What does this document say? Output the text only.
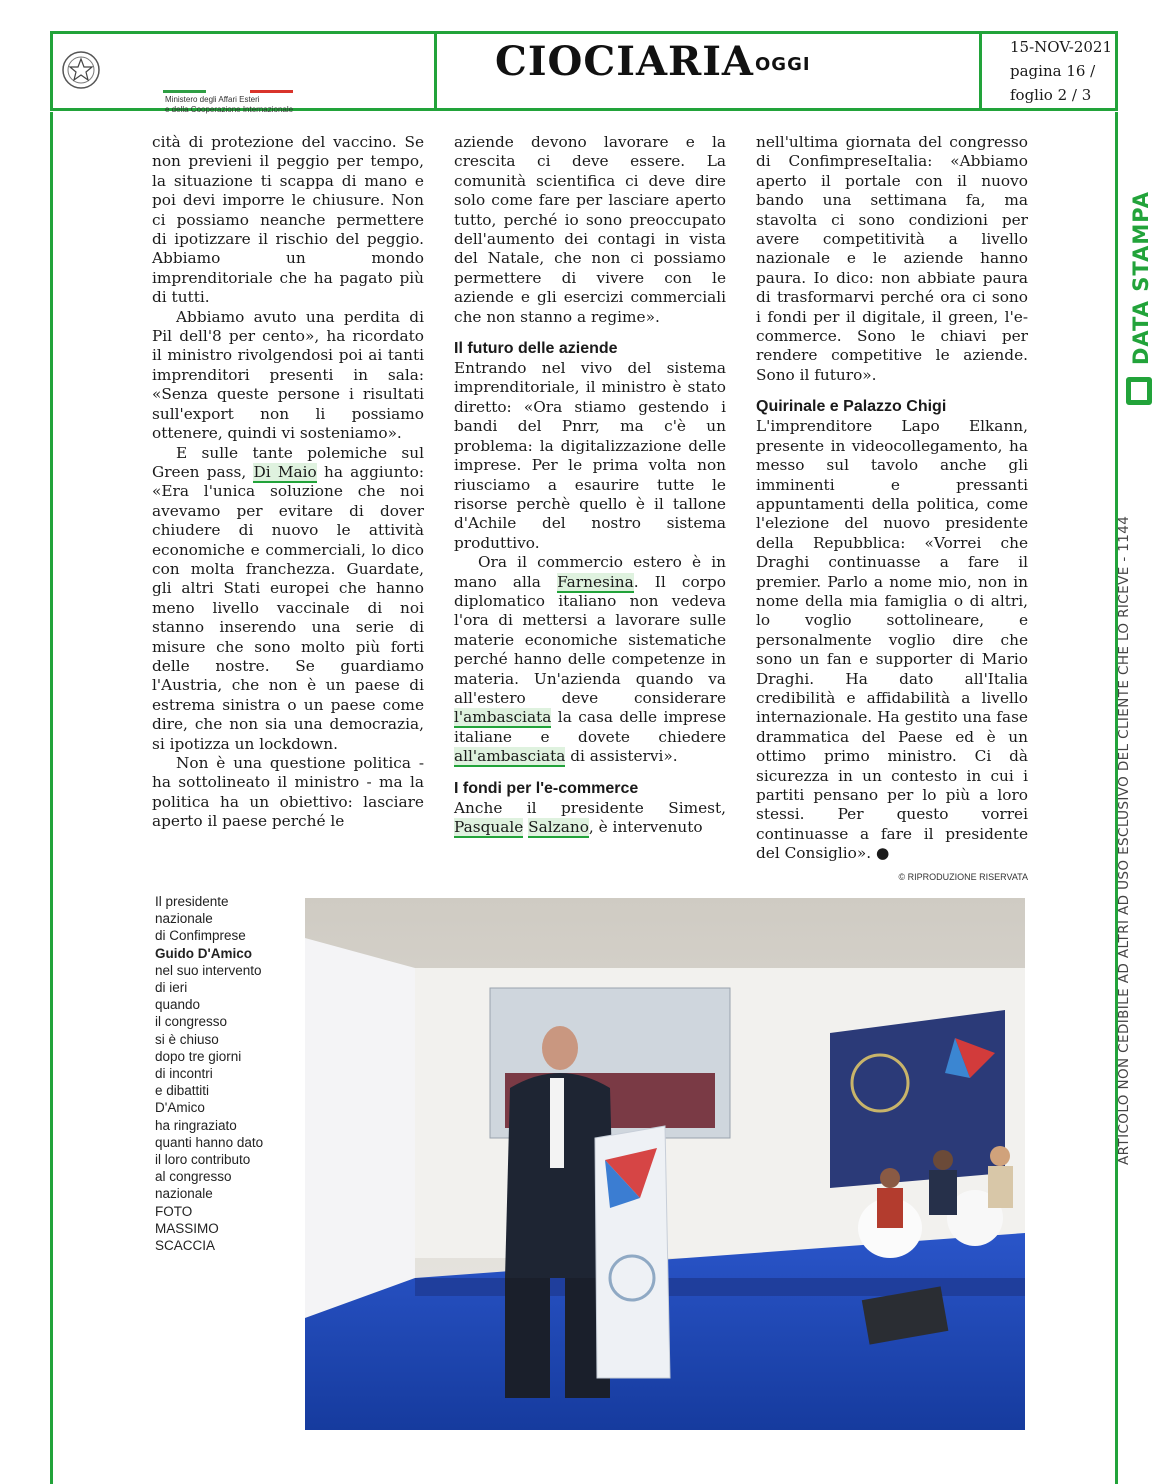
Ministero degli Affari Esteri
e della Cooperazione Internazionale
CIOCIARIA OGGI
15-NOV-2021
pagina 16 /
foglio 2 / 3
DATA STAMPA
ARTICOLO NON CEDIBILE AD ALTRI AD USO ESCLUSIVO DEL CLIENTE CHE LO RICEVE - 1144

cità di protezione del vaccino. Se non previeni il peggio per tempo, la situazione ti scappa di mano e poi devi imporre le chiusure. Non ci possiamo neanche permettere di ipotizzare il rischio del peggio. Abbiamo un mondo imprenditoriale che ha pagato più di tutti.

Abbiamo avuto una perdita di Pil dell'8 per cento», ha ricordato il ministro rivolgendosi poi ai tanti imprenditori presenti in sala: «Senza queste persone i risultati sull'export non li possiamo ottenere, quindi vi sosteniamo».

E sulle tante polemiche sul Green pass, Di Maio ha aggiunto: «Era l'unica soluzione che noi avevamo per evitare di dover chiudere di nuovo le attività economiche e commerciali, lo dico con molta franchezza. Guardate, gli altri Stati europei che hanno meno livello vaccinale di noi stanno inserendo una serie di misure che sono molto più forti delle nostre. Se guardiamo l'Austria, che non è un paese di estrema sinistra o un paese come dire, che non sia una democrazia, si ipotizza un lockdown.

Non è una questione politica - ha sottolineato il ministro - ma la politica ha un obiettivo: lasciare aperto il paese perché le

aziende devono lavorare e la crescita ci deve essere. La comunità scientifica ci deve dire solo come fare per lasciare aperto tutto, perché io sono preoccupato dell'aumento dei contagi in vista del Natale, che non ci possiamo permettere di vivere con le aziende e gli esercizi commerciali che non stanno a regime».

Il futuro delle aziende

Entrando nel vivo del sistema imprenditoriale, il ministro è stato diretto: «Ora stiamo gestendo i bandi del Pnrr, ma c'è un problema: la digitalizzazione delle imprese. Per le prima volta non riusciamo a esaurire tutte le risorse perchè quello è il tallone d'Achile del nostro sistema produttivo.

Ora il commercio estero è in mano alla Farnesina. Il corpo diplomatico italiano non vedeva l'ora di mettersi a lavorare sulle materie economiche sistematiche perché hanno delle competenze in materia. Un'azienda quando va all'estero deve considerare l'ambasciata la casa delle imprese italiane e dovete chiedere all'ambasciata di assistervi».

I fondi per l'e-commerce

Anche il presidente Simest, Pasquale Salzano, è intervenuto

nell'ultima giornata del congresso di ConfimpreseItalia: «Abbiamo aperto il portale con il nuovo bando una settimana fa, ma stavolta ci sono condizioni per avere competitività a livello nazionale e le aziende hanno paura. Io dico: non abbiate paura di trasformarvi perché ora ci sono i fondi per il digitale, il green, l'e-commerce. Sono le chiavi per rendere competitive le aziende. Sono il futuro».

Quirinale e Palazzo Chigi

L'imprenditore Lapo Elkann, presente in videocollegamento, ha messo sul tavolo anche gli imminenti e pressanti appuntamenti della politica, come l'elezione del nuovo presidente della Repubblica: «Vorrei che Draghi continuasse a fare il premier. Parlo a nome mio, non in nome della mia famiglia o di altri, lo voglio sottolineare, e personalmente voglio dire che sono un fan e supporter di Mario Draghi. Ha dato all'Italia credibilità e affidabilità a livello internazionale. Ha gestito una fase drammatica del Paese ed è un ottimo primo ministro. Ci dà sicurezza in un contesto in cui i partiti pensano per lo più a loro stessi. Per questo vorrei continuasse a fare il presidente del Consiglio». ●

© RIPRODUZIONE RISERVATA

Il presidente
nazionale
di Confimprese
Guido D'Amico
nel suo intervento
di ieri
quando
il congresso
si è chiuso
dopo tre giorni
di incontri
e dibattiti
D'Amico
ha ringraziato
quanti hanno dato
il loro contributo
al congresso
nazionale
FOTO
MASSIMO
SCACCIA
